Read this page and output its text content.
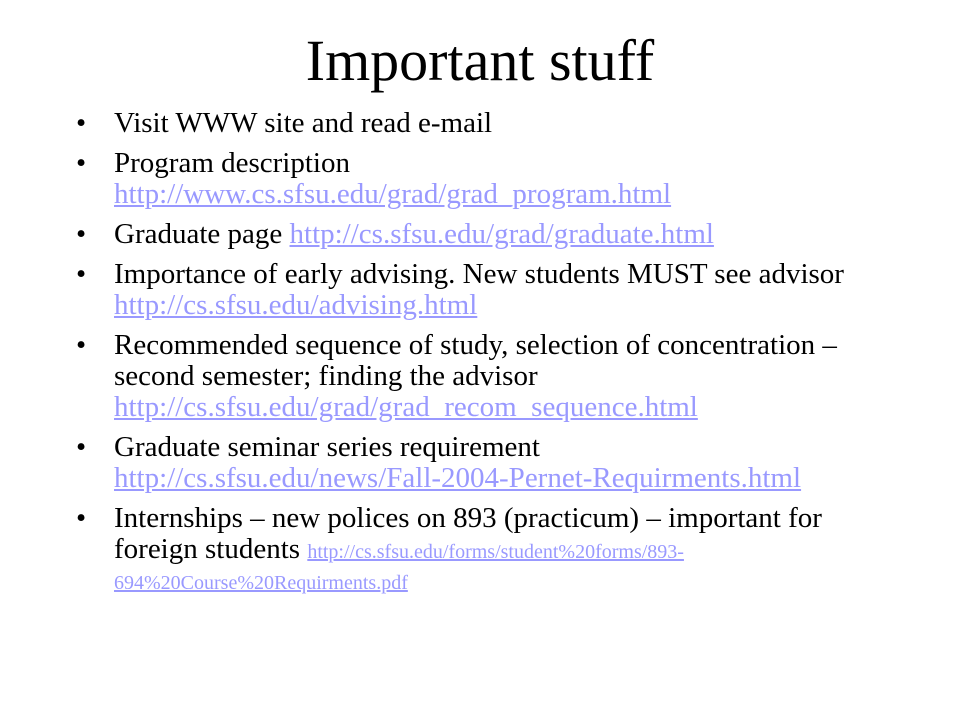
Important stuff
• Visit WWW site and read e-mail
• Program description
http://www.cs.sfsu.edu/grad/grad_program.html
• Graduate page http://cs.sfsu.edu/grad/graduate.html
• Importance of early advising. New students MUST see advisor http://cs.sfsu.edu/advising.html
• Recommended sequence of study, selection of concentration – second semester; finding the advisor
http://cs.sfsu.edu/grad/grad_recom_sequence.html
• Graduate seminar series requirement
http://cs.sfsu.edu/news/Fall-2004-Pernet-Requirments.html
• Internships – new polices on 893 (practicum) – important for foreign students http://cs.sfsu.edu/forms/student%20forms/893-
694%20Course%20Requirments.pdf
